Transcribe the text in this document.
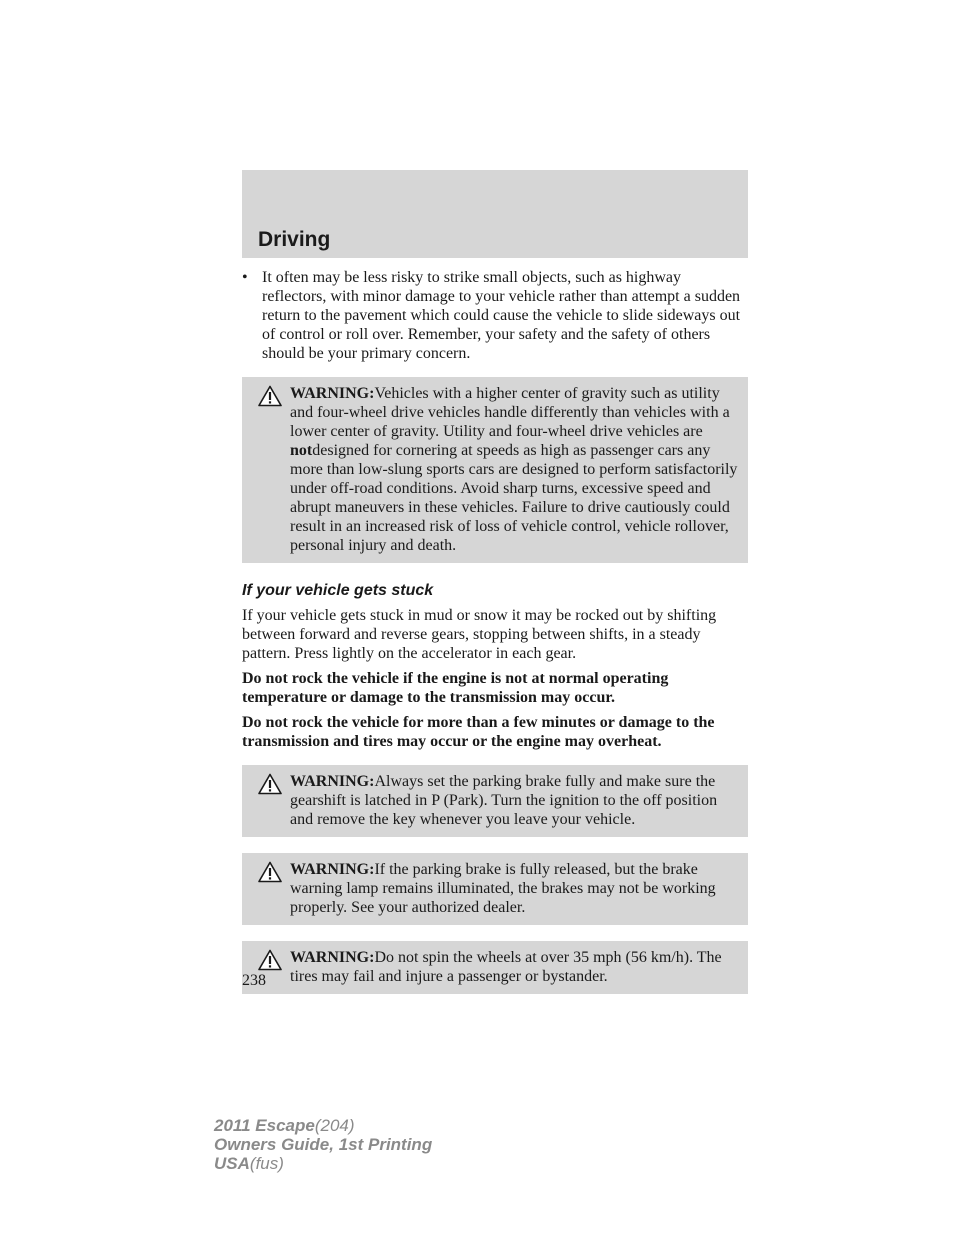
Driving
• It often may be less risky to strike small objects, such as highway reflectors, with minor damage to your vehicle rather than attempt a sudden return to the pavement which could cause the vehicle to slide sideways out of control or roll over. Remember, your safety and the safety of others should be your primary concern.

WARNING:Vehicles with a higher center of gravity such as utility and four-wheel drive vehicles handle differently than vehicles with a lower center of gravity. Utility and four-wheel drive vehicles are notdesigned for cornering at speeds as high as passenger cars any more than low-slung sports cars are designed to perform satisfactorily under off-road conditions. Avoid sharp turns, excessive speed and abrupt maneuvers in these vehicles. Failure to drive cautiously could result in an increased risk of loss of vehicle control, vehicle rollover, personal injury and death.

If your vehicle gets stuck

If your vehicle gets stuck in mud or snow it may be rocked out by shifting between forward and reverse gears, stopping between shifts, in a steady pattern. Press lightly on the accelerator in each gear.

Do not rock the vehicle if the engine is not at normal operating temperature or damage to the transmission may occur.

Do not rock the vehicle for more than a few minutes or damage to the transmission and tires may occur or the engine may overheat.

WARNING:Always set the parking brake fully and make sure the gearshift is latched in P (Park). Turn the ignition to the off position and remove the key whenever you leave your vehicle.

WARNING:If the parking brake is fully released, but the brake warning lamp remains illuminated, the brakes may not be working properly. See your authorized dealer.

WARNING:Do not spin the wheels at over 35 mph (56 km/h). The tires may fail and injure a passenger or bystander.

238

2011 Escape(204)

Owners Guide, 1st Printing

USA(fus)
